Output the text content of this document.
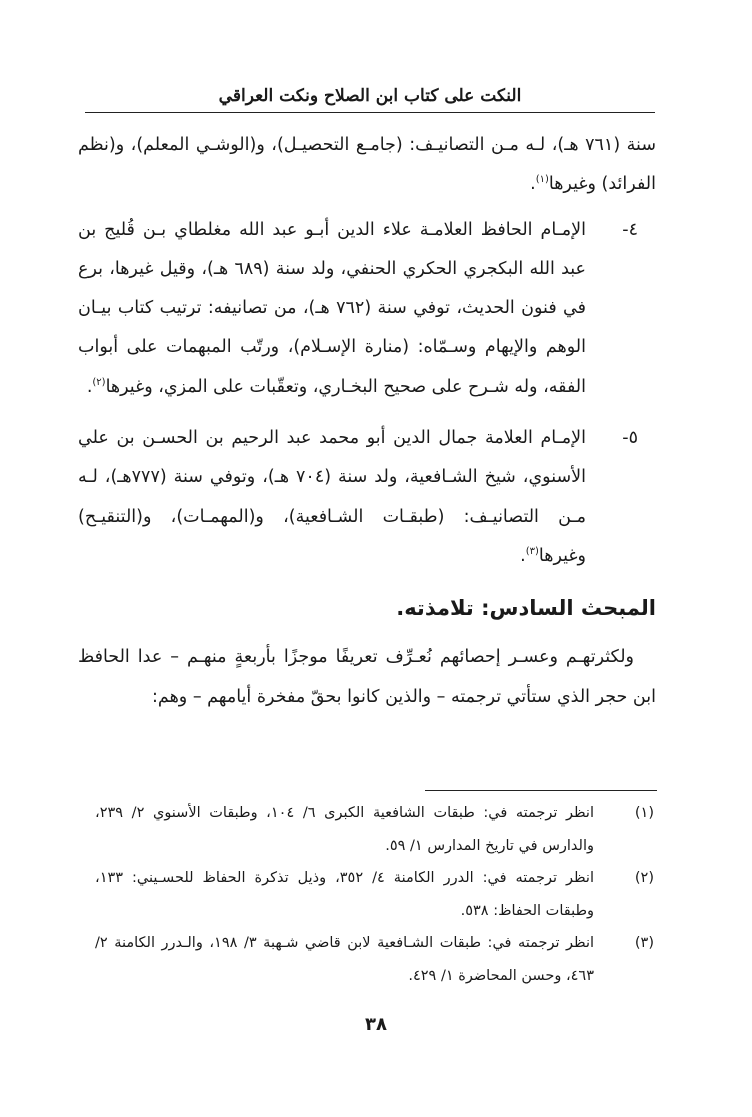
النكت على كتاب ابن الصلاح ونكت العراقي

سنة (٧٦١ هـ)، لـه مـن التصانيـف: (جامـع التحصيـل)، و(الوشـي المعلم)، و(نظم الفرائد) وغيرها$^{(١)}$.

٤-

الإمـام الحافظ العلامـة علاء الدين أبـو عبد الله مغلطاي بـن قُليج بن عبد الله البكجري الحكري الحنفي، ولد سنة (٦٨٩ هـ)، وقيل غيرها، برع في فنون الحديث، توفي سنة (٧٦٢ هـ)، من تصانيفه: ترتيب كتاب بيـان الوهم والإيهام وسـمّاه: (منارة الإسـلام)، ورتّب المبهمات على أبواب الفقه، وله شـرح على صحيح البخـاري، وتعقّبات على المزي، وغيرها$^{(٢)}$.

٥-

الإمـام العلامة جمال الدين أبو محمد عبد الرحيم بن الحسـن بن علي الأسنوي، شيخ الشـافعية، ولد سنة (٧٠٤ هـ)، وتوفي سنة (٧٧٧هـ)، لـه مـن التصانيـف: (طبقـات الشـافعية)، و(المهمـات)، و(التنقيـح) وغيرها$^{(٣)}$.

المبحث السادس: تلامذته.

ولكثرتهـم وعسـر إحصائهم نُعـرِّف تعريفًا موجزًا بأربعةٍ منهـم – عدا الحافظ ابن حجر الذي ستأتي ترجمته – والذين كانوا بحقّ مفخرة أيامهم – وهم:

(١)
انظر ترجمته في: طبقات الشافعية الكبرى ٦/ ١٠٤، وطبقات الأسنوي ٢/ ٢٣٩، والدارس في تاريخ المدارس ١/ ٥٩.
(٢)
انظر ترجمته في: الدرر الكامنة ٤/ ٣٥٢، وذيل تذكرة الحفاظ للحسـيني: ١٣٣، وطبقات الحفاظ: ٥٣٨.
(٣)
انظر ترجمته في: طبقات الشـافعية لابن قاضي شـهبة ٣/ ١٩٨، والـدرر الكامنة ٢/ ٤٦٣، وحسن المحاضرة ١/ ٤٢٩.
٣٨
